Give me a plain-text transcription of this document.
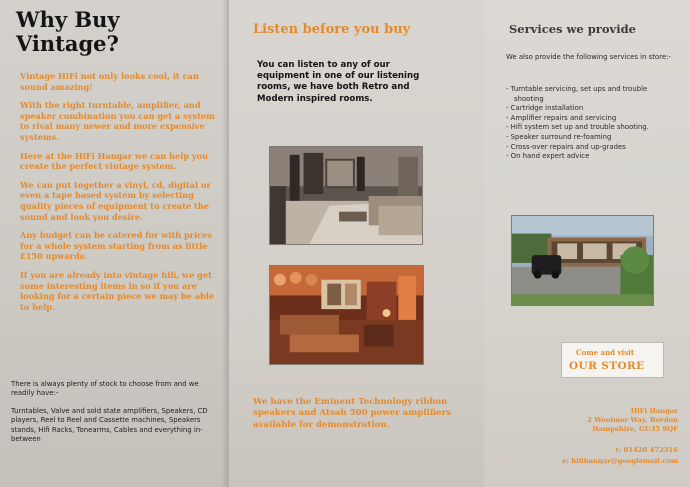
Why Buy
Vintage?

Vintage HiFi not only looks cool, it can sound amazing!

With the right turntable, amplifier, and speaker combination you can get a system to rival many newer and more expensive systems.

Here at the HiFi Hangar we can help you create the perfect vintage system.

We can put together a vinyl, cd, digital or even a tape based system by selecting quality pieces of equipment to create the sound and look you desire.

Any budget can be catered for with prices for a whole system starting from as little £150 upwards.

If you are already into vintage hifi, we get some interesting items in so if you are looking for a certain piece we may be able to help.

There is always plenty of stock to choose from and we readily have:-

Turntables, Valve and sold state amplifiers, Speakers, CD players, Reel to Reel and Cassette machines, Speakers stands, Hifi Racks, Tonearms, Cables and everything in-between

Listen before you buy

You can listen to any of our equipment in one of our listening rooms, we have both Retro and Modern inspired rooms.

We have the Eminent Technology ribbon speakers and Atsah 500 power amplifiers available for demonstration.

Services we provide

We also provide the following services in store:-

- Turntable servicing, set ups and trouble
shooting
- Cartridge installation
- Amplifier repairs and servicing
- Hifi system set up and trouble shooting.
- Speaker surround re-foaming
- Cross-over repairs and up-grades
- On hand expert advice
Come and visit
OUR STORE
HiFi Hangar
2 Woolmer Way, Bordon
Hampshire, GU35 9QF
t: 01420 472316
e: hifihangar@googlemail.com
